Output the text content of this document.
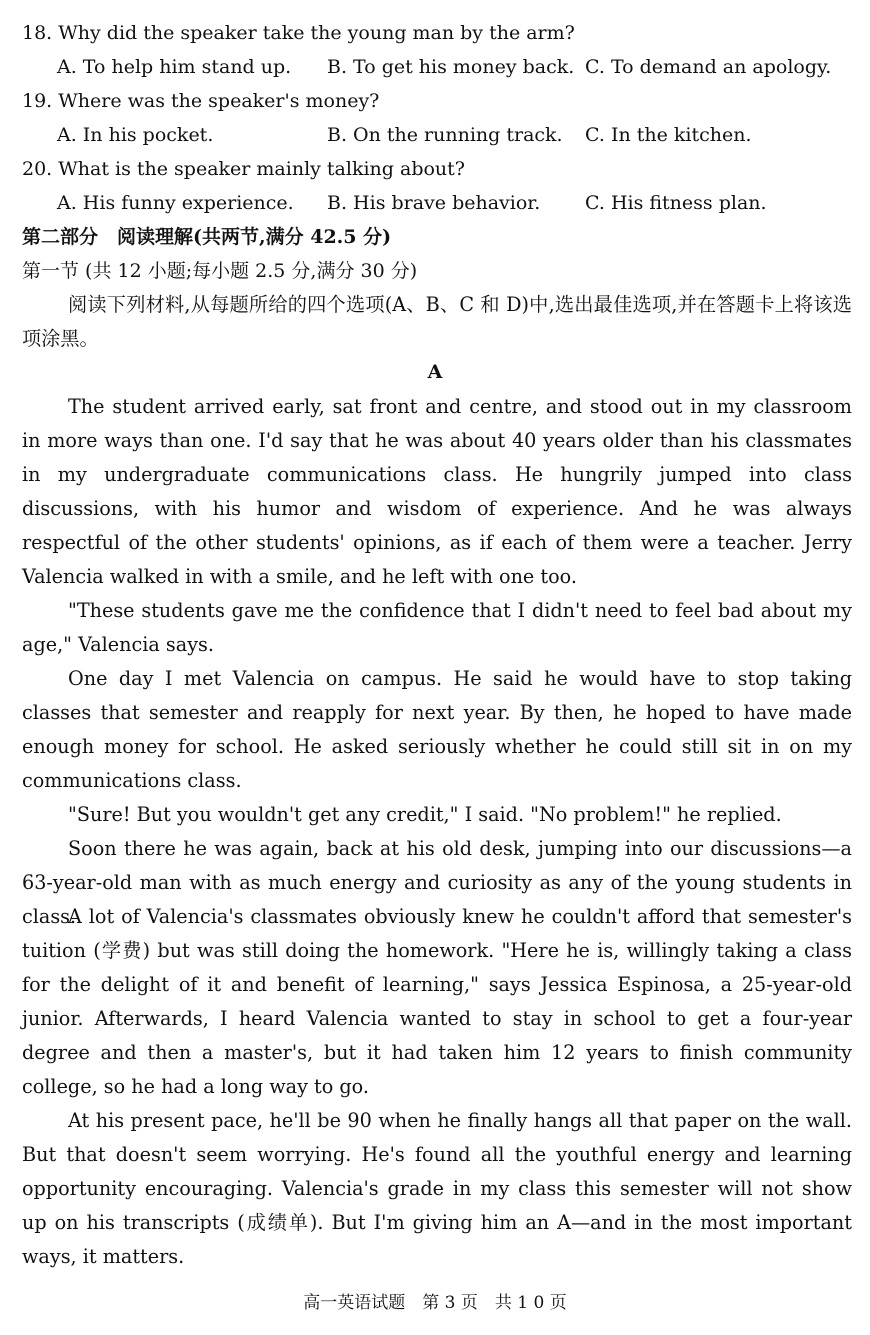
18. Why did the speaker take the young man by the arm?
A. To help him stand up.	B. To get his money back. C. To demand an apology.
19. Where was the speaker's money?
A. In his pocket.	B. On the running track.	C. In the kitchen.
20. What is the speaker mainly talking about?
A. His funny experience.	B. His brave behavior.	C. His fitness plan.
第二部分　阅读理解(共两节,满分 42.5 分)
第一节 (共 12 小题;每小题 2.5 分,满分 30 分)

阅读下列材料,从每题所给的四个选项(A、B、C 和 D)中,选出最佳选项,并在答题卡上将该选项涂黑。

A

The student arrived early, sat front and centre, and stood out in my classroom in more ways than one. I'd say that he was about 40 years older than his classmates in my undergraduate communications class. He hungrily jumped into class discussions, with his humor and wisdom of experience. And he was always respectful of the other students' opinions, as if each of them were a teacher. Jerry Valencia walked in with a smile, and he left with one too.

"These students gave me the confidence that I didn't need to feel bad about my age," Valencia says.

One day I met Valencia on campus. He said he would have to stop taking classes that semester and reapply for next year. By then, he hoped to have made enough money for school. He asked seriously whether he could still sit in on my communications class.

"Sure! But you wouldn't get any credit," I said. "No problem!" he replied.

Soon there he was again, back at his old desk, jumping into our discussions—a 63-year-old man with as much energy and curiosity as any of the young students in class.

A lot of Valencia's classmates obviously knew he couldn't afford that semester's tuition (学费) but was still doing the homework. "Here he is, willingly taking a class for the delight of it and benefit of learning," says Jessica Espinosa, a 25-year-old junior. Afterwards, I heard Valencia wanted to stay in school to get a four-year degree and then a master's, but it had taken him 12 years to finish community college, so he had a long way to go.

At his present pace, he'll be 90 when he finally hangs all that paper on the wall. But that doesn't seem worrying. He's found all the youthful energy and learning opportunity encouraging. Valencia's grade in my class this semester will not show up on his transcripts (成绩单). But I'm giving him an A—and in the most important ways, it matters.

高一英语试题　第 3 页　共 1 0 页
